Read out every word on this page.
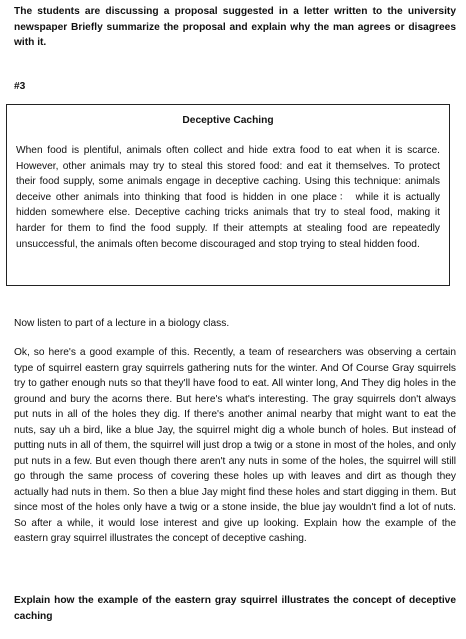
The students are discussing a proposal suggested in a letter written to the university newspaper Briefly summarize the proposal and explain why the man agrees or disagrees with it.
#3
Deceptive Caching
When food is plentiful, animals often collect and hide extra food to eat when it is scarce. However, other animals may try to steal this stored food: and eat it themselves. To protect their food supply, some animals engage in deceptive caching. Using this technique: animals deceive other animals into thinking that food is hidden in one place： while it is actually hidden somewhere else. Deceptive caching tricks animals that try to steal food, making it harder for them to find the food supply. If their attempts at stealing food are repeatedly unsuccessful, the animals often become discouraged and stop trying to steal hidden food.
Now listen to part of a lecture in a biology class.
Ok, so here's a good example of this. Recently, a team of researchers was observing a certain type of squirrel eastern gray squirrels gathering nuts for the winter. And Of Course Gray squirrels try to gather enough nuts so that they'll have food to eat. All winter long, And They dig holes in the ground and bury the acorns there. But here's what's interesting. The gray squirrels don't always put nuts in all of the holes they dig. If there's another animal nearby that might want to eat the nuts, say uh a bird, like a blue Jay, the squirrel might dig a whole bunch of holes. But instead of putting nuts in all of them, the squirrel will just drop a twig or a stone in most of the holes, and only put nuts in a few. But even though there aren't any nuts in some of the holes, the squirrel will still go through the same process of covering these holes up with leaves and dirt as though they actually had nuts in them. So then a blue Jay might find these holes and start digging in them. But since most of the holes only have a twig or a stone inside, the blue jay wouldn't find a lot of nuts. So after a while, it would lose interest and give up looking. Explain how the example of the eastern gray squirrel illustrates the concept of deceptive cashing.
Explain how the example of the eastern gray squirrel illustrates the concept of deceptive caching
